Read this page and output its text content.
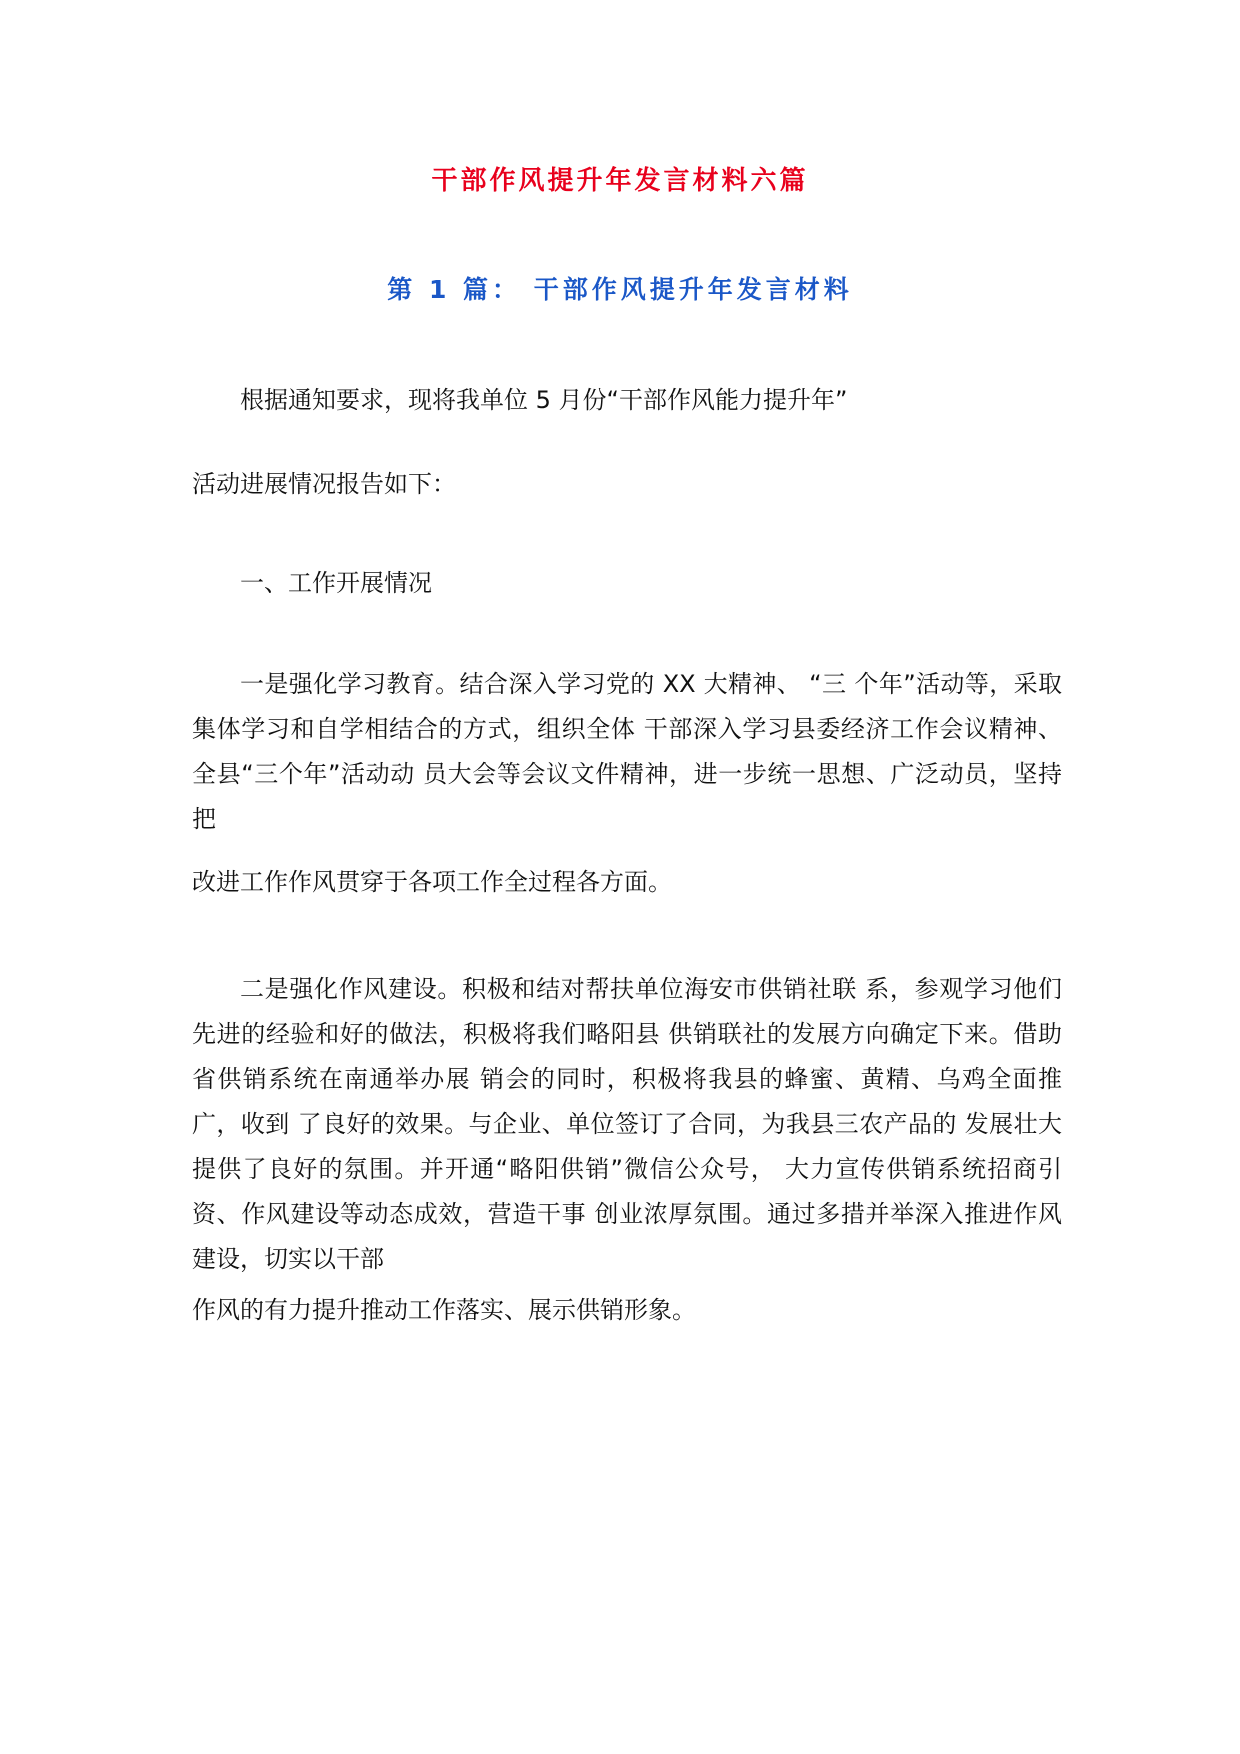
干部作风提升年发言材料六篇
第 1 篇： 干部作风提升年发言材料

根据通知要求，现将我单位 5 月份“干部作风能力提升年”

活动进展情况报告如下：

一、工作开展情况

一是强化学习教育。结合深入学习党的 XX 大精神、 “三 个年”活动等，采取集体学习和自学相结合的方式，组织全体 干部深入学习县委经济工作会议精神、全县“三个年”活动动 员大会等会议文件精神，进一步统一思想、广泛动员，坚持把

改进工作作风贯穿于各项工作全过程各方面。

二是强化作风建设。积极和结对帮扶单位海安市供销社联 系，参观学习他们先进的经验和好的做法，积极将我们略阳县 供销联社的发展方向确定下来。借助省供销系统在南通举办展 销会的同时，积极将我县的蜂蜜、黄精、乌鸡全面推广，收到 了良好的效果。与企业、单位签订了合同，为我县三农产品的 发展壮大提供了良好的氛围。并开通“略阳供销”微信公众号， 大力宣传供销系统招商引资、作风建设等动态成效，营造干事 创业浓厚氛围。通过多措并举深入推进作风建设，切实以干部

作风的有力提升推动工作落实、展示供销形象。
